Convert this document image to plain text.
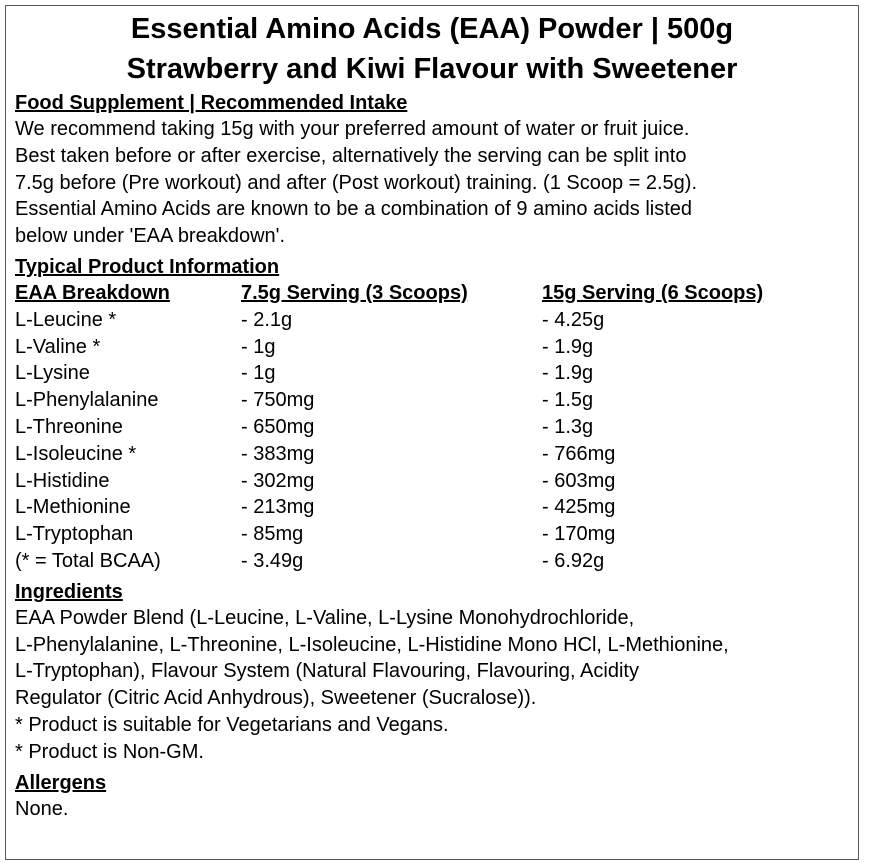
Essential Amino Acids (EAA) Powder | 500g
Strawberry and Kiwi Flavour with Sweetener
Food Supplement | Recommended Intake
We recommend taking 15g with your preferred amount of water or fruit juice.
Best taken before or after exercise, alternatively the serving can be split into
7.5g before (Pre workout) and after (Post workout) training. (1 Scoop = 2.5g).
Essential Amino Acids are known to be a combination of 9 amino acids listed
below under 'EAA breakdown'.
Typical Product Information
EAA Breakdown	7.5g Serving (3 Scoops)	15g Serving (6 Scoops)
L-Leucine *	- 2.1g	- 4.25g
L-Valine *	- 1g	- 1.9g
L-Lysine	- 1g	- 1.9g
L-Phenylalanine	- 750mg	- 1.5g
L-Threonine	- 650mg	- 1.3g
L-Isoleucine *	- 383mg	- 766mg
L-Histidine	- 302mg	- 603mg
L-Methionine	- 213mg	- 425mg
L-Tryptophan	- 85mg	- 170mg
(* = Total BCAA)	- 3.49g	- 6.92g
Ingredients
EAA Powder Blend (L-Leucine, L-Valine, L-Lysine Monohydrochloride,
L-Phenylalanine, L-Threonine, L-Isoleucine, L-Histidine Mono HCl, L-Methionine,
L-Tryptophan), Flavour System (Natural Flavouring, Flavouring, Acidity
Regulator (Citric Acid Anhydrous), Sweetener (Sucralose)).
* Product is suitable for Vegetarians and Vegans.
* Product is Non-GM.
Allergens
None.
